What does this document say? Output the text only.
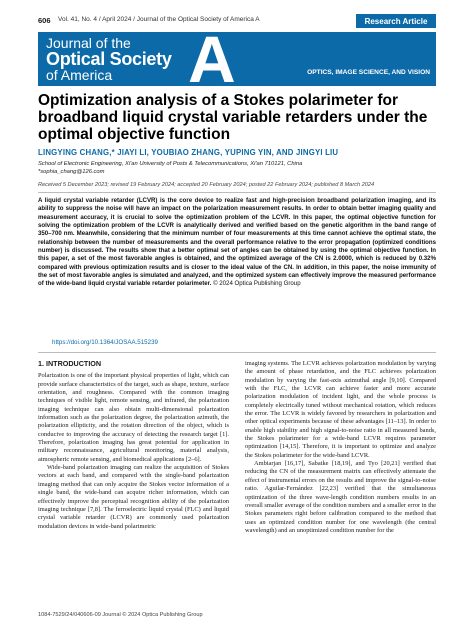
606 Vol. 41, No. 4 / April 2024 / Journal of the Optical Society of America A	Research Article
Journal of the
Optical Society
of America A	OPTICS, IMAGE SCIENCE, AND VISION
Optimization analysis of a Stokes polarimeter for broadband liquid crystal variable retarders under the optimal objective function
LINGYING CHANG,* JIAYI LI, YOUBIAO ZHANG, YUPING YIN, AND JINGYI LIU
School of Electronic Engineering, Xi'an University of Posts & Telecommunications, Xi'an 710121, China
*sophia_chang@126.com
Received 5 December 2023; revised 19 February 2024; accepted 20 February 2024; posted 22 February 2024; published 8 March 2024
A liquid crystal variable retarder (LCVR) is the core device to realize fast and high-precision broadband polarization imaging, and its ability to suppress the noise will have an impact on the polarization measurement results. In order to obtain better imaging quality and measurement accuracy, it is crucial to solve the optimization problem of the LCVR. In this paper, the optimal objective function for solving the optimization problem of the LCVR is analytically derived and verified based on the genetic algorithm in the band range of 350–700 nm. Meanwhile, considering that the minimum number of four measurements at this time cannot achieve the optimal state, the relationship between the number of measurements and the overall performance relative to the error propagation (optimized conditions number) is discussed. The results show that a better optimal set of angles can be obtained by using the optimal objective function. In this paper, a set of the most favorable angles is obtained, and the optimized average of the CN is 2.0000, which is reduced by 0.32% compared with previous optimization results and is closer to the ideal value of the CN. In addition, in this paper, the noise immunity of the set of most favorable angles is simulated and analyzed, and the optimized system can effectively improve the measured performance of the wide-band liquid crystal variable retarder polarimeter. © 2024 Optica Publishing Group
https://doi.org/10.1364/JOSAA.515239
1. INTRODUCTION

Polarization is one of the important physical properties of light, which can provide surface characteristics of the target, such as shape, texture, surface orientation, and roughness. Compared with the common imaging techniques of visible light, remote sensing, and infrared, the polarization imaging technique can also obtain multi-dimensional polarization information such as the polarization degree, the polarization azimuth, the polarization ellipticity, and the rotation direction of the object, which is conducive to improving the accuracy of detecting the research target [1]. Therefore, polarization imaging has great potential for application in military reconnaissance, agricultural monitoring, material analysis, atmospheric remote sensing, and biomedical applications [2–6].

Wide-band polarization imaging can realize the acquisition of Stokes vectors at each band, and compared with the single-band polarization imaging method that can only acquire the Stokes vector information of a single band, the wide-band can acquire richer information, which can effectively improve the perceptual recognition ability of the polarization imaging technique [7,8]. The ferroelectric liquid crystal (FLC) and liquid crystal variable retarder (LCVR) are commonly used polarization modulation devices in wide-band polarimetric

imaging systems. The LCVR achieves polarization modulation by varying the amount of phase retardation, and the FLC achieves polarization modulation by varying the fast-axis azimuthal angle [9,10]. Compared with the FLC, the LCVR can achieve faster and more accurate polarization modulation of incident light, and the whole process is completely electrically tuned without mechanical rotation, which reduces the error. The LCVR is widely favored by researchers in polarization and other optical experiments because of these advantages [11–13]. In order to enable high stability and high signal-to-noise ratio in all measured bands, the Stokes polarimeter for a wide-band LCVR requires parameter optimization [14,15]. Therefore, it is important to optimize and analyze the Stokes polarimeter for the wide-band LCVR.

Ambiarjan [16,17], Sabatke [18,19], and Tyo [20,21] verified that reducing the CN of the measurement matrix can effectively attenuate the effect of instrumental errors on the results and improve the signal-to-noise ratio. Aguilar-Fernández [22,23] verified that the simultaneous optimization of the three wave-length condition numbers results in an overall smaller average of the condition numbers and a smaller error in the Stokes parameters right before calibration compared to the method that uses an optimized condition number for one wavelength (the central wavelength) and an unoptimized condition number for the

1084-7529/24/040606-09 Journal © 2024 Optica Publishing Group
